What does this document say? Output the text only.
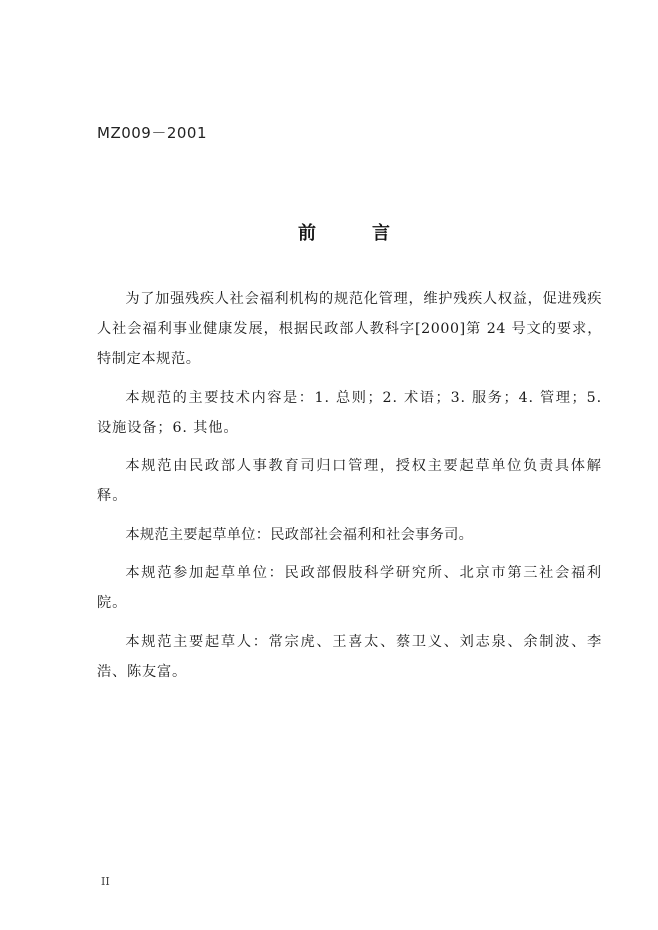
MZ009－2001
前言

为了加强残疾人社会福利机构的规范化管理，维护残疾人权益，促进残疾人社会福利事业健康发展，根据民政部人教科字[2000]第 24 号文的要求，特制定本规范。

本规范的主要技术内容是：1. 总则；2. 术语；3. 服务；4. 管理；5. 设施设备；6. 其他。

本规范由民政部人事教育司归口管理，授权主要起草单位负责具体解释。

本规范主要起草单位：民政部社会福利和社会事务司。

本规范参加起草单位：民政部假肢科学研究所、北京市第三社会福利院。

本规范主要起草人：常宗虎、王喜太、蔡卫义、刘志泉、余制波、李浩、陈友富。

II
